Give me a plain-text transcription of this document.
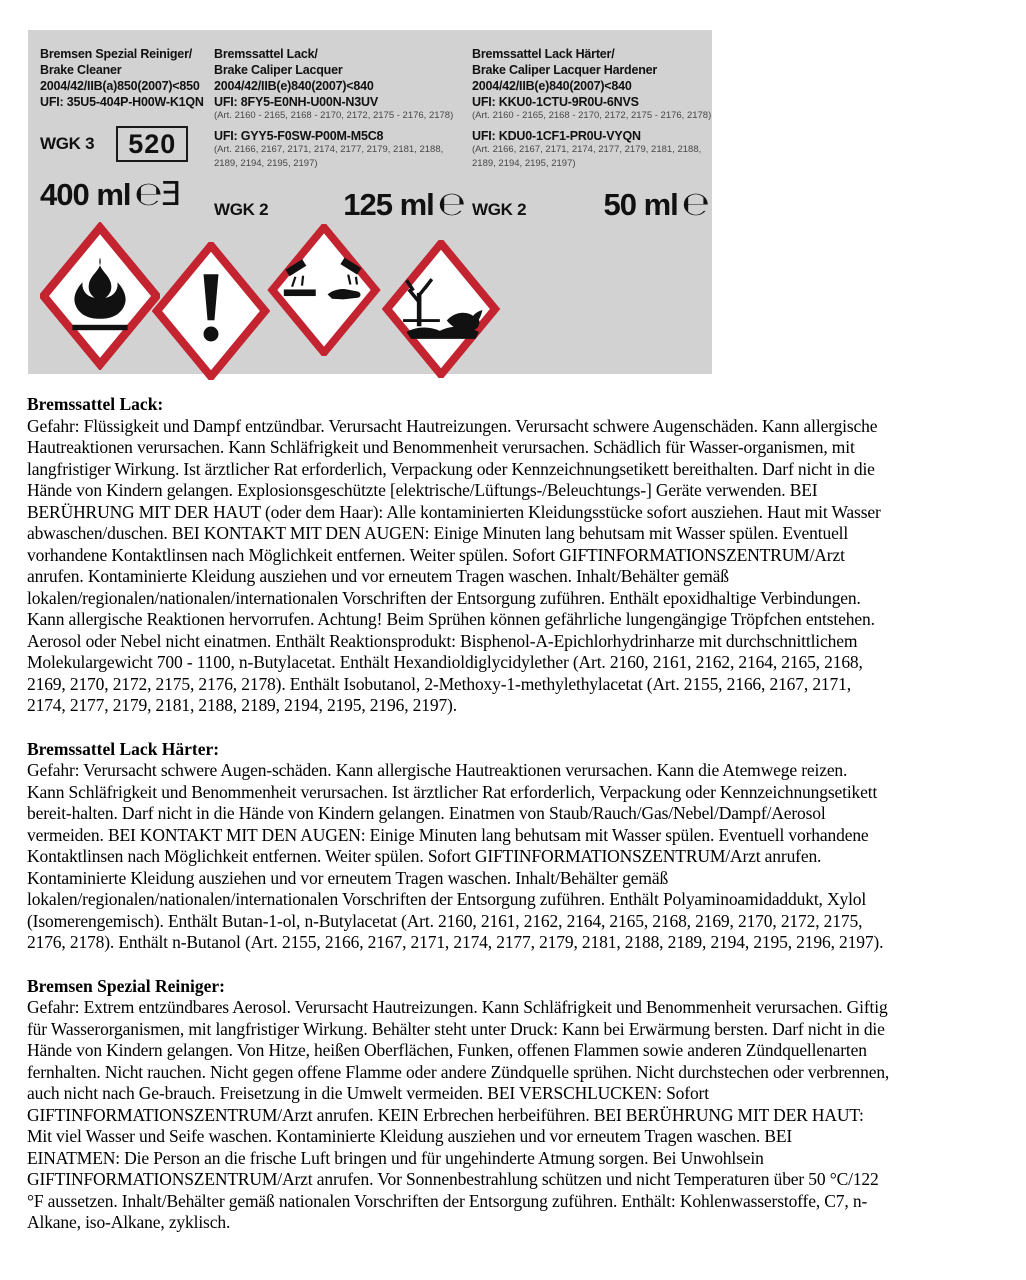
Bremsen Spezial Reiniger/
Brake Cleaner
2004/42/IIB(a)850(2007)<850
UFI: 35U5-404P-H00W-K1QN
WGK 3	520
400 ml ℮Ǝ
Bremssattel Lack/
Brake Caliper Lacquer
2004/42/IIB(e)840(2007)<840
UFI: 8FY5-E0NH-U00N-N3UV
(Art. 2160 - 2165, 2168 - 2170, 2172, 2175 - 2176, 2178)
UFI: GYY5-F0SW-P00M-M5C8
(Art. 2166, 2167, 2171, 2174, 2177, 2179, 2181, 2188,
2189, 2194, 2195, 2197)
WGK 2 125 ml ℮
Bremssattel Lack Härter/
Brake Caliper Lacquer Hardener
2004/42/IIB(e)840(2007)<840
UFI: KKU0-1CTU-9R0U-6NVS
(Art. 2160 - 2165, 2168 - 2170, 2172, 2175 - 2176, 2178)
UFI: KDU0-1CF1-PR0U-VYQN
(Art. 2166, 2167, 2171, 2174, 2177, 2179, 2181, 2188,
2189, 2194, 2195, 2197)
WGK 2 50 ml ℮
Bremssattel Lack:
Gefahr: Flüssigkeit und Dampf entzündbar. Verursacht Hautreizungen. Verursacht schwere Augenschäden. Kann allergische
Hautreaktionen verursachen. Kann Schläfrigkeit und Benommenheit verursachen. Schädlich für Wasser-organismen, mit
langfristiger Wirkung. Ist ärztlicher Rat erforderlich, Verpackung oder Kennzeichnungsetikett bereithalten. Darf nicht in die
Hände von Kindern gelangen. Explosionsgeschützte [elektrische/Lüftungs-/Beleuchtungs-] Geräte verwenden. BEI
BERÜHRUNG MIT DER HAUT (oder dem Haar): Alle kontaminierten Kleidungsstücke sofort ausziehen. Haut mit Wasser
abwaschen/duschen. BEI KONTAKT MIT DEN AUGEN: Einige Minuten lang behutsam mit Wasser spülen. Eventuell
vorhandene Kontaktlinsen nach Möglichkeit entfernen. Weiter spülen. Sofort GIFTINFORMATIONSZENTRUM/Arzt
anrufen. Kontaminierte Kleidung ausziehen und vor erneutem Tragen waschen. Inhalt/Behälter gemäß
lokalen/regionalen/nationalen/internationalen Vorschriften der Entsorgung zuführen. Enthält epoxidhaltige Verbindungen.
Kann allergische Reaktionen hervorrufen. Achtung! Beim Sprühen können gefährliche lungengängige Tröpfchen entstehen.
Aerosol oder Nebel nicht einatmen. Enthält Reaktionsprodukt: Bisphenol-A-Epichlorhydrinharze mit durchschnittlichem
Molekulargewicht 700 - 1100, n-Butylacetat. Enthält Hexandioldiglycidylether (Art. 2160, 2161, 2162, 2164, 2165, 2168,
2169, 2170, 2172, 2175, 2176, 2178). Enthält Isobutanol, 2-Methoxy-1-methylethylacetat (Art. 2155, 2166, 2167, 2171,
2174, 2177, 2179, 2181, 2188, 2189, 2194, 2195, 2196, 2197).
Bremssattel Lack Härter:
Gefahr: Verursacht schwere Augen-schäden. Kann allergische Hautreaktionen verursachen. Kann die Atemwege reizen.
Kann Schläfrigkeit und Benommenheit verursachen. Ist ärztlicher Rat erforderlich, Verpackung oder Kennzeichnungsetikett
bereit-halten. Darf nicht in die Hände von Kindern gelangen. Einatmen von Staub/Rauch/Gas/Nebel/Dampf/Aerosol
vermeiden. BEI KONTAKT MIT DEN AUGEN: Einige Minuten lang behutsam mit Wasser spülen. Eventuell vorhandene
Kontaktlinsen nach Möglichkeit entfernen. Weiter spülen. Sofort GIFTINFORMATIONSZENTRUM/Arzt anrufen.
Kontaminierte Kleidung ausziehen und vor erneutem Tragen waschen. Inhalt/Behälter gemäß
lokalen/regionalen/nationalen/internationalen Vorschriften der Entsorgung zuführen. Enthält Polyaminoamidaddukt, Xylol
(Isomerengemisch). Enthält Butan-1-ol, n-Butylacetat (Art. 2160, 2161, 2162, 2164, 2165, 2168, 2169, 2170, 2172, 2175,
2176, 2178). Enthält n-Butanol (Art. 2155, 2166, 2167, 2171, 2174, 2177, 2179, 2181, 2188, 2189, 2194, 2195, 2196, 2197).
Bremsen Spezial Reiniger:
Gefahr: Extrem entzündbares Aerosol. Verursacht Hautreizungen. Kann Schläfrigkeit und Benommenheit verursachen. Giftig
für Wasserorganismen, mit langfristiger Wirkung. Behälter steht unter Druck: Kann bei Erwärmung bersten. Darf nicht in die
Hände von Kindern gelangen. Von Hitze, heißen Oberflächen, Funken, offenen Flammen sowie anderen Zündquellenarten
fernhalten. Nicht rauchen. Nicht gegen offene Flamme oder andere Zündquelle sprühen. Nicht durchstechen oder verbrennen,
auch nicht nach Ge-brauch. Freisetzung in die Umwelt vermeiden. BEI VERSCHLUCKEN: Sofort
GIFTINFORMATIONSZENTRUM/Arzt anrufen. KEIN Erbrechen herbeiführen. BEI BERÜHRUNG MIT DER HAUT:
Mit viel Wasser und Seife waschen. Kontaminierte Kleidung ausziehen und vor erneutem Tragen waschen. BEI
EINATMEN: Die Person an die frische Luft bringen und für ungehinderte Atmung sorgen. Bei Unwohlsein
GIFTINFORMATIONSZENTRUM/Arzt anrufen. Vor Sonnenbestrahlung schützen und nicht Temperaturen über 50 °C/122
°F aussetzen. Inhalt/Behälter gemäß nationalen Vorschriften der Entsorgung zuführen. Enthält: Kohlenwasserstoffe, C7, n-
Alkane, iso-Alkane, zyklisch.
